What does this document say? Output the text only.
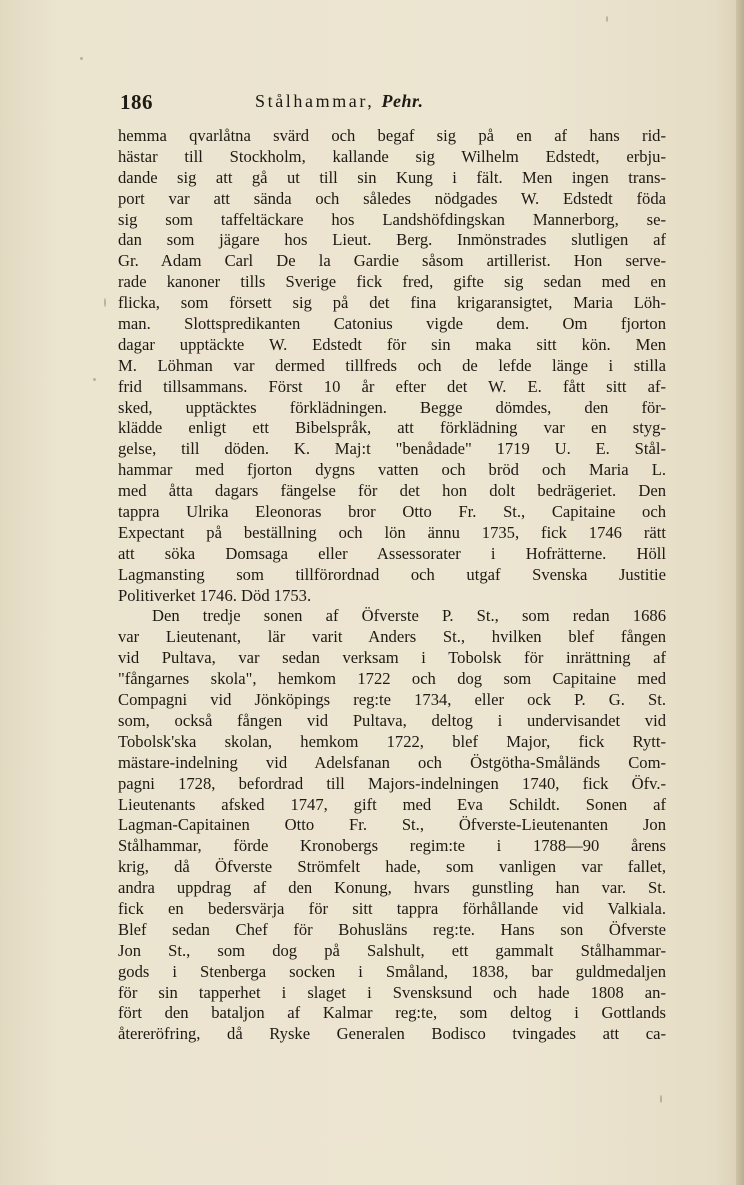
186	Stålhammar, Pehr.
hemma qvarlåtna svärd och begaf sig på en af hans rid-
hästar till Stockholm, kallande sig Wilhelm Edstedt, erbju-
dande sig att gå ut till sin Kung i fält. Men ingen trans-
port var att sända och således nödgades W. Edstedt föda
sig som taffeltäckare hos Landshöfdingskan Mannerborg, se-
dan som jägare hos Lieut. Berg. Inmönstrades slutligen af
Gr. Adam Carl De la Gardie såsom artillerist. Hon serve-
rade kanoner tills Sverige fick fred, gifte sig sedan med en
flicka, som försett sig på det fina krigaransigtet, Maria Löh-
man. Slottspredikanten Catonius vigde dem. Om fjorton
dagar upptäckte W. Edstedt för sin maka sitt kön. Men
M. Löhman var dermed tillfreds och de lefde länge i stilla
frid tillsammans. Först 10 år efter det W. E. fått sitt af-
sked, upptäcktes förklädningen. Begge dömdes, den för-
klädde enligt ett Bibelspråk, att förklädning var en styg-
gelse, till döden. K. Maj:t "benådade" 1719 U. E. Stål-
hammar med fjorton dygns vatten och bröd och Maria L.
med åtta dagars fängelse för det hon dolt bedrägeriet. Den
tappra Ulrika Eleonoras bror Otto Fr. St., Capitaine och
Expectant på beställning och lön ännu 1735, fick 1746 rätt
att söka Domsaga eller Assessorater i Hofrätterne. Höll
Lagmansting som tillförordnad och utgaf Svenska Justitie
Politiverket 1746. Död 1753.
Den tredje sonen af Öfverste P. St., som redan 1686
var Lieutenant, lär varit Anders St., hvilken blef fången
vid Pultava, var sedan verksam i Tobolsk för inrättning af
"fångarnes skola", hemkom 1722 och dog som Capitaine med
Compagni vid Jönköpings reg:te 1734, eller ock P. G. St.
som, också fången vid Pultava, deltog i undervisandet vid
Tobolsk'ska skolan, hemkom 1722, blef Major, fick Rytt-
mästare-indelning vid Adelsfanan och Östgötha-Småländs Com-
pagni 1728, befordrad till Majors-indelningen 1740, fick Öfv.-
Lieutenants afsked 1747, gift med Eva Schildt. Sonen af
Lagman-Capitainen Otto Fr. St., Öfverste-Lieutenanten Jon
Stålhammar, förde Kronobergs regim:te i 1788—90 årens
krig, då Öfverste Strömfelt hade, som vanligen var fallet,
andra uppdrag af den Konung, hvars gunstling han var. St.
fick en bedersvärja för sitt tappra förhållande vid Valkiala.
Blef sedan Chef för Bohusläns reg:te. Hans son Öfverste
Jon St., som dog på Salshult, ett gammalt Stålhammar-
gods i Stenberga socken i Småland, 1838, bar guldmedaljen
för sin tapperhet i slaget i Svensksund och hade 1808 an-
fört den bataljon af Kalmar reg:te, som deltog i Gottlands
återeröfring, då Ryske Generalen Bodisco tvingades att ca-
